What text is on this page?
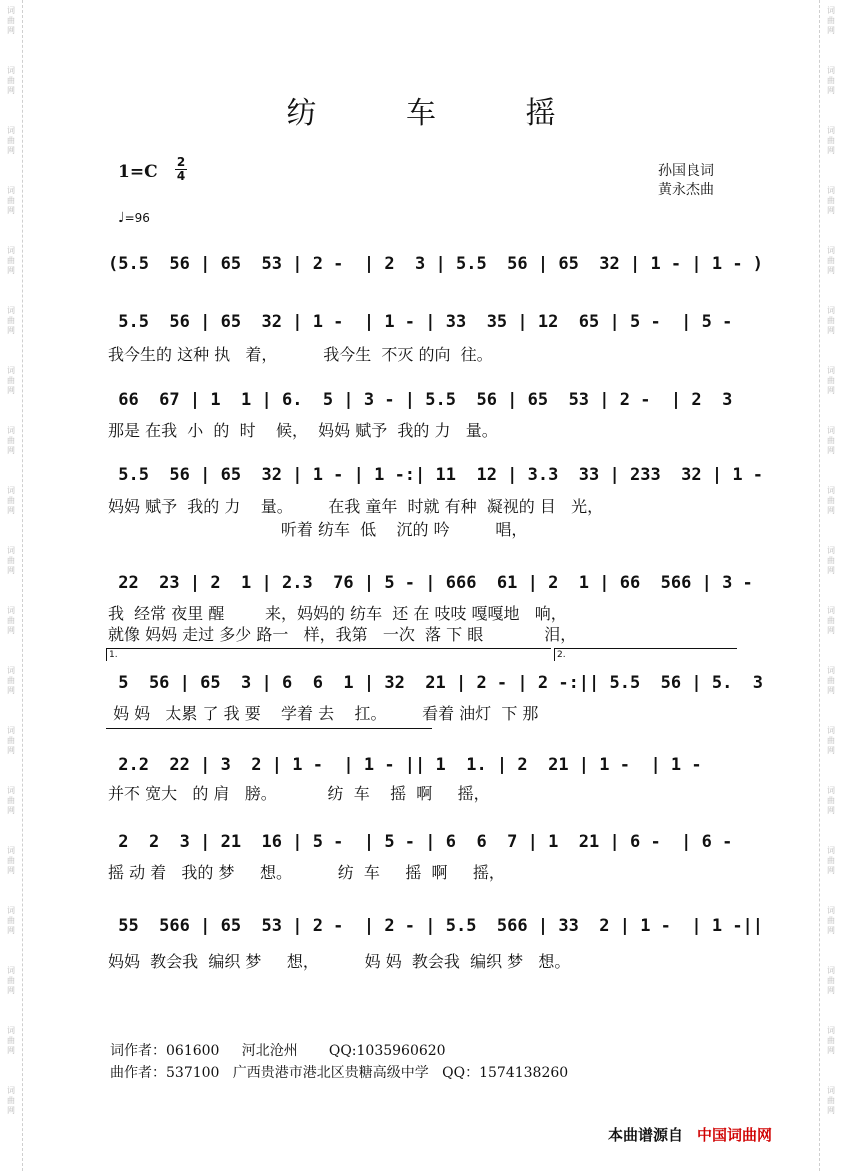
词曲网
词曲网
词曲网
词曲网
词曲网
词曲网
词曲网
词曲网
词曲网
词曲网
词曲网
词曲网
词曲网
词曲网
词曲网
词曲网
词曲网
词曲网
词曲网
词曲网
词曲网
词曲网
词曲网
词曲网
词曲网
词曲网
词曲网
词曲网
词曲网
词曲网
词曲网
词曲网
词曲网
词曲网
词曲网
词曲网
词曲网
词曲网
纺 车 摇
1=C 2
4	孙国良词
黄永杰曲
♩=96
(5.5  56 | 65  53 | 2 -  | 2  3 | 5.5  56 | 65  32 | 1 - | 1 - )
5.5  56 | 65  32 | 1 -  | 1 - | 33  35 | 12  65 | 5 -  | 5 -
我今生的 这种 执   着，         我今生  不灭 的向  往。
66  67 | 1  1 | 6.  5 | 3 - | 5.5  56 | 65  53 | 2 -  | 2  3
那是 在我  小  的  时    候，  妈妈 赋予  我的 力   量。
5.5  56 | 65  32 | 1 - | 1 -:| 11  12 | 3.3  33 | 233  32 | 1 -
妈妈 赋予  我的 力    量。       在我 童年  时就 有种  凝视的 目   光，
听着 纺车  低    沉的 吟         唱，
22  23 | 2  1 | 2.3  76 | 5 - | 666  61 | 2  1 | 66  566 | 3 -
我  经常 夜里 醒        来，妈妈的 纺车  还 在 吱吱 嘎嘎地   响，
就像 妈妈 走过 多少 路一   样，我第   一次  落 下 眼            泪，
1.	2.
5  56 | 65  3 | 6  6  1 | 32  21 | 2 - | 2 -:|| 5.5  56 | 5.  3
妈 妈   太累 了 我 要    学着 去    扛。       看着 油灯  下 那
2.2  22 | 3  2 | 1 -  | 1 - || 1  1. | 2  21 | 1 -  | 1 -
并不 宽大   的 肩   膀。          纺  车    摇  啊     摇，
2  2  3 | 21  16 | 5 -  | 5 - | 6  6  7 | 1  21 | 6 -  | 6 -
摇 动 着   我的 梦     想。         纺  车     摇  啊     摇，
55  566 | 65  53 | 2 -  | 2 - | 5.5  566 | 33  2 | 1 -  | 1 -||
妈妈  教会我  编织 梦     想，         妈 妈  教会我  编织 梦   想。
词作者：061600     河北沧州       QQ:1035960620
曲作者：537100   广西贵港市港北区贵糖高级中学   QQ：1574138260
本曲谱源自 中国词曲网
